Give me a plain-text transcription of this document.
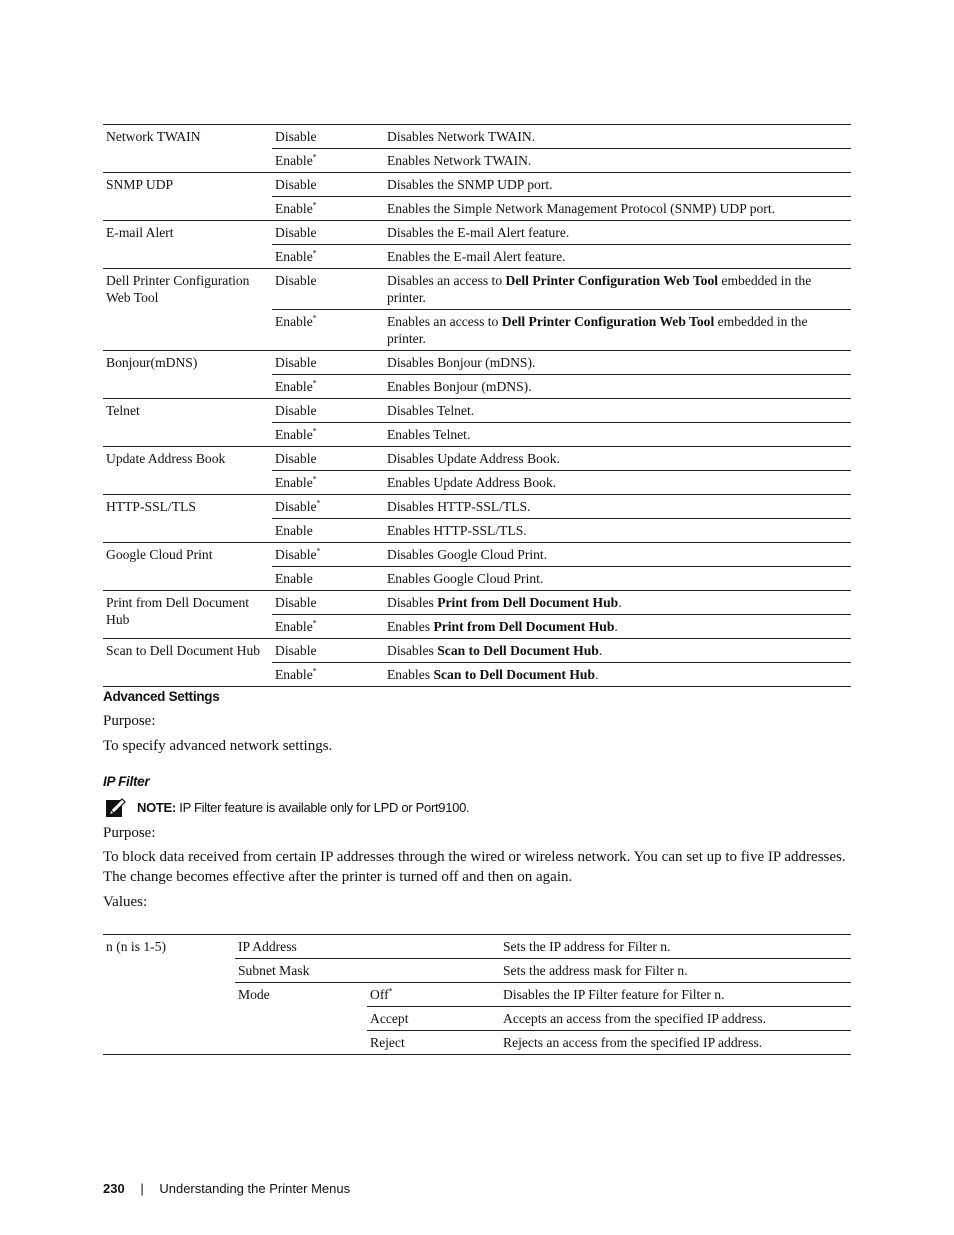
Network TWAIN	Disable	Disables Network TWAIN.
	Enable*	Enables Network TWAIN.
SNMP UDP	Disable	Disables the SNMP UDP port.
	Enable*	Enables the Simple Network Management Protocol (SNMP) UDP port.
E-mail Alert	Disable	Disables the E-mail Alert feature.
	Enable*	Enables the E-mail Alert feature.
Dell Printer Configuration Web Tool	Disable	Disables an access to Dell Printer Configuration Web Tool embedded in the printer.
	Enable*	Enables an access to Dell Printer Configuration Web Tool embedded in the printer.
Bonjour(mDNS)	Disable	Disables Bonjour (mDNS).
	Enable*	Enables Bonjour (mDNS).
Telnet	Disable	Disables Telnet.
	Enable*	Enables Telnet.
Update Address Book	Disable	Disables Update Address Book.
	Enable*	Enables Update Address Book.
HTTP-SSL/TLS	Disable*	Disables HTTP-SSL/TLS.
	Enable	Enables HTTP-SSL/TLS.
Google Cloud Print	Disable*	Disables Google Cloud Print.
	Enable	Enables Google Cloud Print.
Print from Dell Document Hub	Disable	Disables Print from Dell Document Hub.
	Enable*	Enables Print from Dell Document Hub.
Scan to Dell Document Hub	Disable	Disables Scan to Dell Document Hub.
	Enable*	Enables Scan to Dell Document Hub.
Advanced Settings

Purpose:

To specify advanced network settings.

IP Filter
NOTE: IP Filter feature is available only for LPD or Port9100.

Purpose:

To block data received from certain IP addresses through the wired or wireless network. You can set up to five IP addresses. The change becomes effective after the printer is turned off and then on again.

Values:

n (n is 1-5)	IP Address		Sets the IP address for Filter n.
	Subnet Mask		Sets the address mask for Filter n.
	Mode	Off*	Disables the IP Filter feature for Filter n.
		Accept	Accepts an access from the specified IP address.
		Reject	Rejects an access from the specified IP address.
230 | Understanding the Printer Menus
